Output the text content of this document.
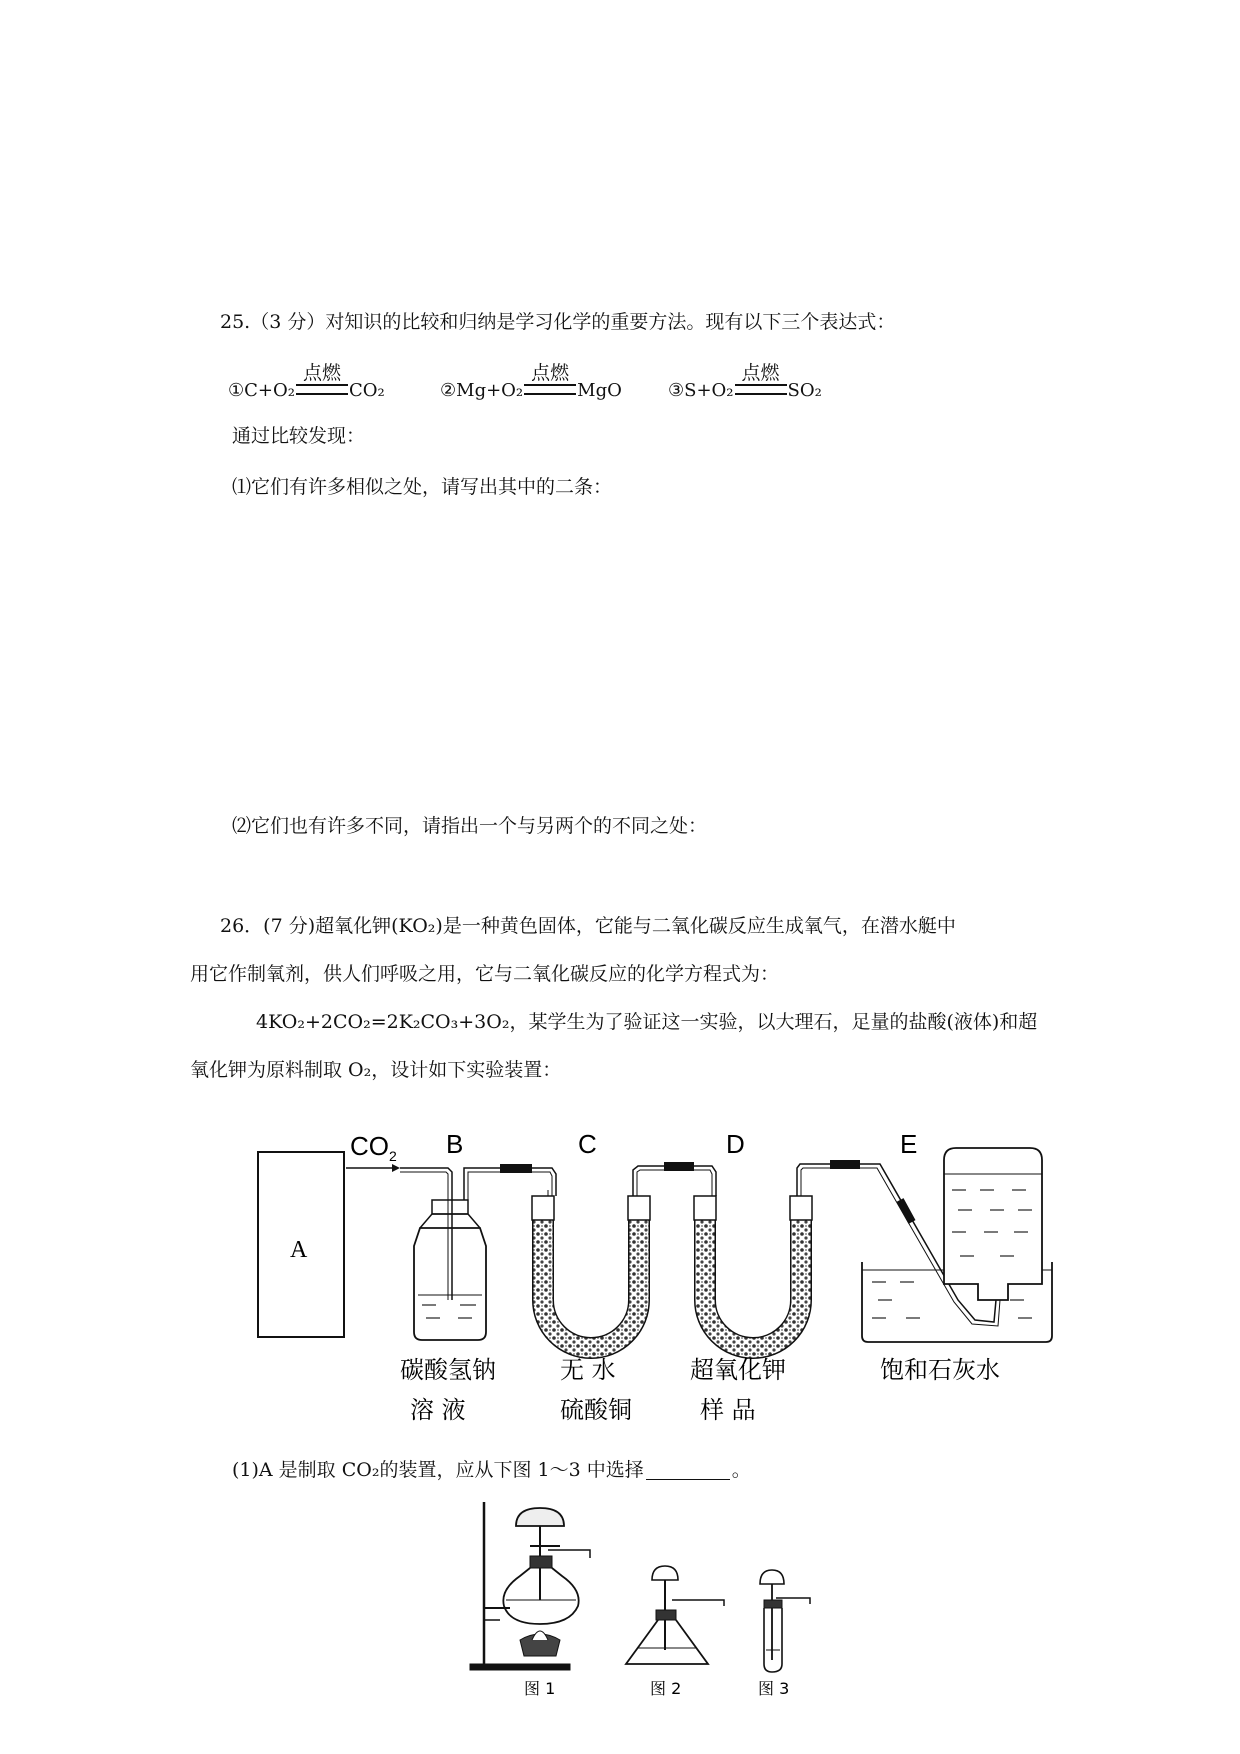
25.（3 分）对知识的比较和归纳是学习化学的重要方法。现有以下三个表达式：
①C+O₂
点燃
CO₂	②Mg+O₂
点燃
MgO	③S+O₂
点燃
SO₂
通过比较发现：
⑴它们有许多相似之处，请写出其中的二条：
⑵它们也有许多不同，请指出一个与另两个的不同之处：
26．(7 分)超氧化钾(KO₂)是一种黄色固体，它能与二氧化碳反应生成氧气，在潜水艇中
用它作制氧剂，供人们呼吸之用，它与二氧化碳反应的化学方程式为：
4KO₂+2CO₂=2K₂CO₃+3O₂，某学生为了验证这一实验，以大理石，足量的盐酸(液体)和超
氧化钾为原料制取 O₂，设计如下实验装置：
A
$CO_2$ B	C	D	E
碳酸氢钠
溶 液
无 水
硫酸铜
超氧化钾
样 品
饱和石灰水
(1)A 是制取 CO₂的装置，应从下图 1～3 中选择	。
图 1	图 2	图 3
